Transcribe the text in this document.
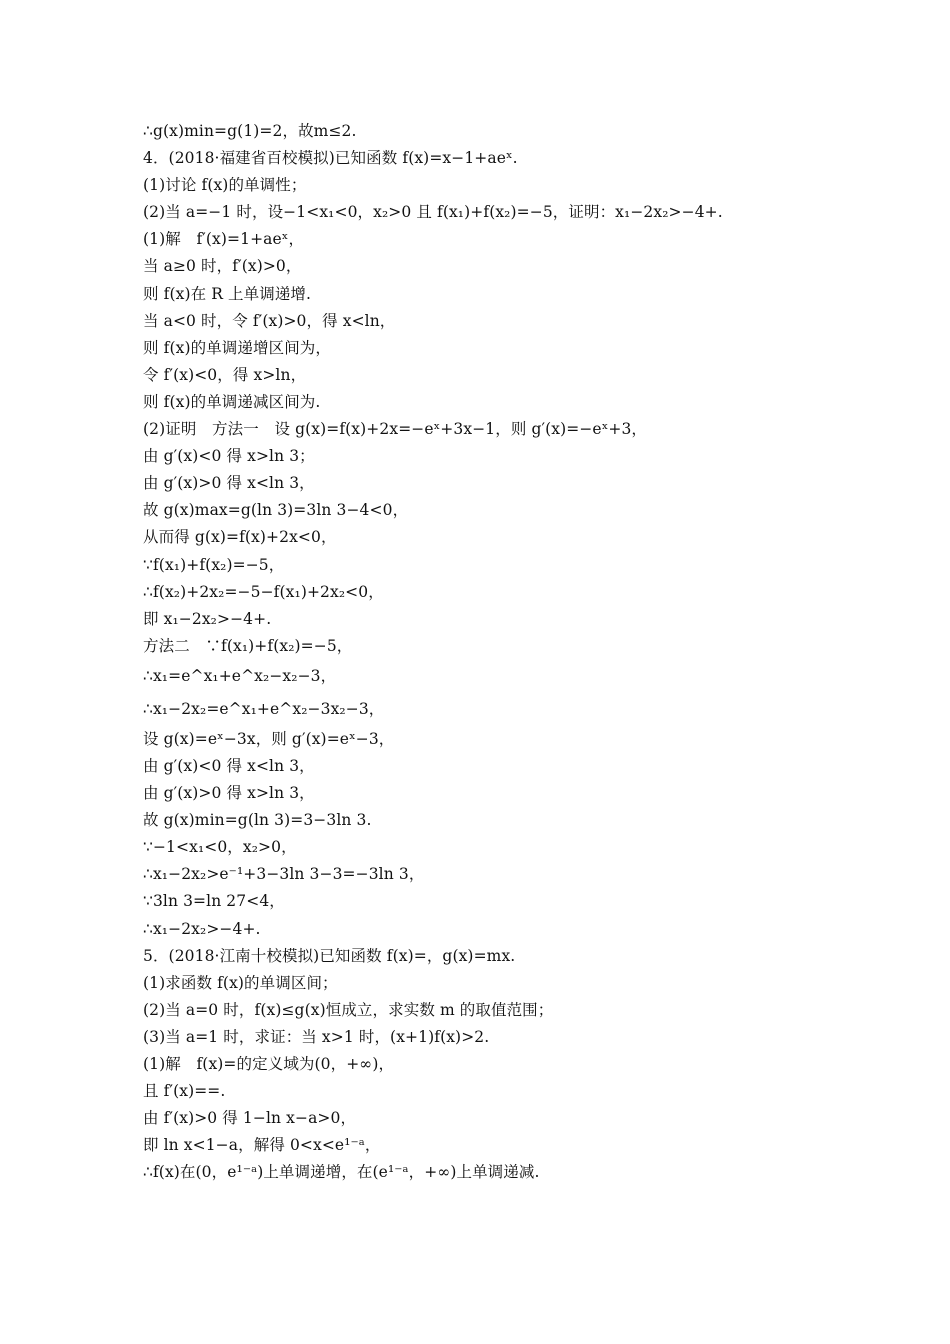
∴g(x)min=g(1)=2，故m≤2.
4．(2018·福建省百校模拟)已知函数 f(x)=x−1+aeˣ.
(1)讨论 f(x)的单调性；
(2)当 a=−1 时，设−1<x₁<0，x₂>0 且 f(x₁)+f(x₂)=−5，证明：x₁−2x₂>−4+.
(1)解　f′(x)=1+aeˣ，
当 a≥0 时，f′(x)>0，
则 f(x)在 R 上单调递增.
当 a<0 时，令 f′(x)>0，得 x<ln，
则 f(x)的单调递增区间为，
令 f′(x)<0，得 x>ln，
则 f(x)的单调递减区间为.
(2)证明　方法一　设 g(x)=f(x)+2x=−eˣ+3x−1，则 g′(x)=−eˣ+3，
由 g′(x)<0 得 x>ln 3；
由 g′(x)>0 得 x<ln 3，
故 g(x)max=g(ln 3)=3ln 3−4<0，
从而得 g(x)=f(x)+2x<0，
∵f(x₁)+f(x₂)=−5，
∴f(x₂)+2x₂=−5−f(x₁)+2x₂<0，
即 x₁−2x₂>−4+.
方法二　∵f(x₁)+f(x₂)=−5，
∴x₁=e^x₁+e^x₂−x₂−3，
∴x₁−2x₂=e^x₁+e^x₂−3x₂−3，
设 g(x)=eˣ−3x，则 g′(x)=eˣ−3，
由 g′(x)<0 得 x<ln 3，
由 g′(x)>0 得 x>ln 3，
故 g(x)min=g(ln 3)=3−3ln 3.
∵−1<x₁<0，x₂>0，
∴x₁−2x₂>e⁻¹+3−3ln 3−3=−3ln 3，
∵3ln 3=ln 27<4，
∴x₁−2x₂>−4+.
5．(2018·江南十校模拟)已知函数 f(x)=，g(x)=mx.
(1)求函数 f(x)的单调区间；
(2)当 a=0 时，f(x)≤g(x)恒成立，求实数 m 的取值范围；
(3)当 a=1 时，求证：当 x>1 时，(x+1)f(x)>2.
(1)解　f(x)=的定义域为(0，+∞)，
且 f′(x)==.
由 f′(x)>0 得 1−ln x−a>0，
即 ln x<1−a，解得 0<x<e¹⁻ᵃ，
∴f(x)在(0，e¹⁻ᵃ)上单调递增，在(e¹⁻ᵃ，+∞)上单调递减.
